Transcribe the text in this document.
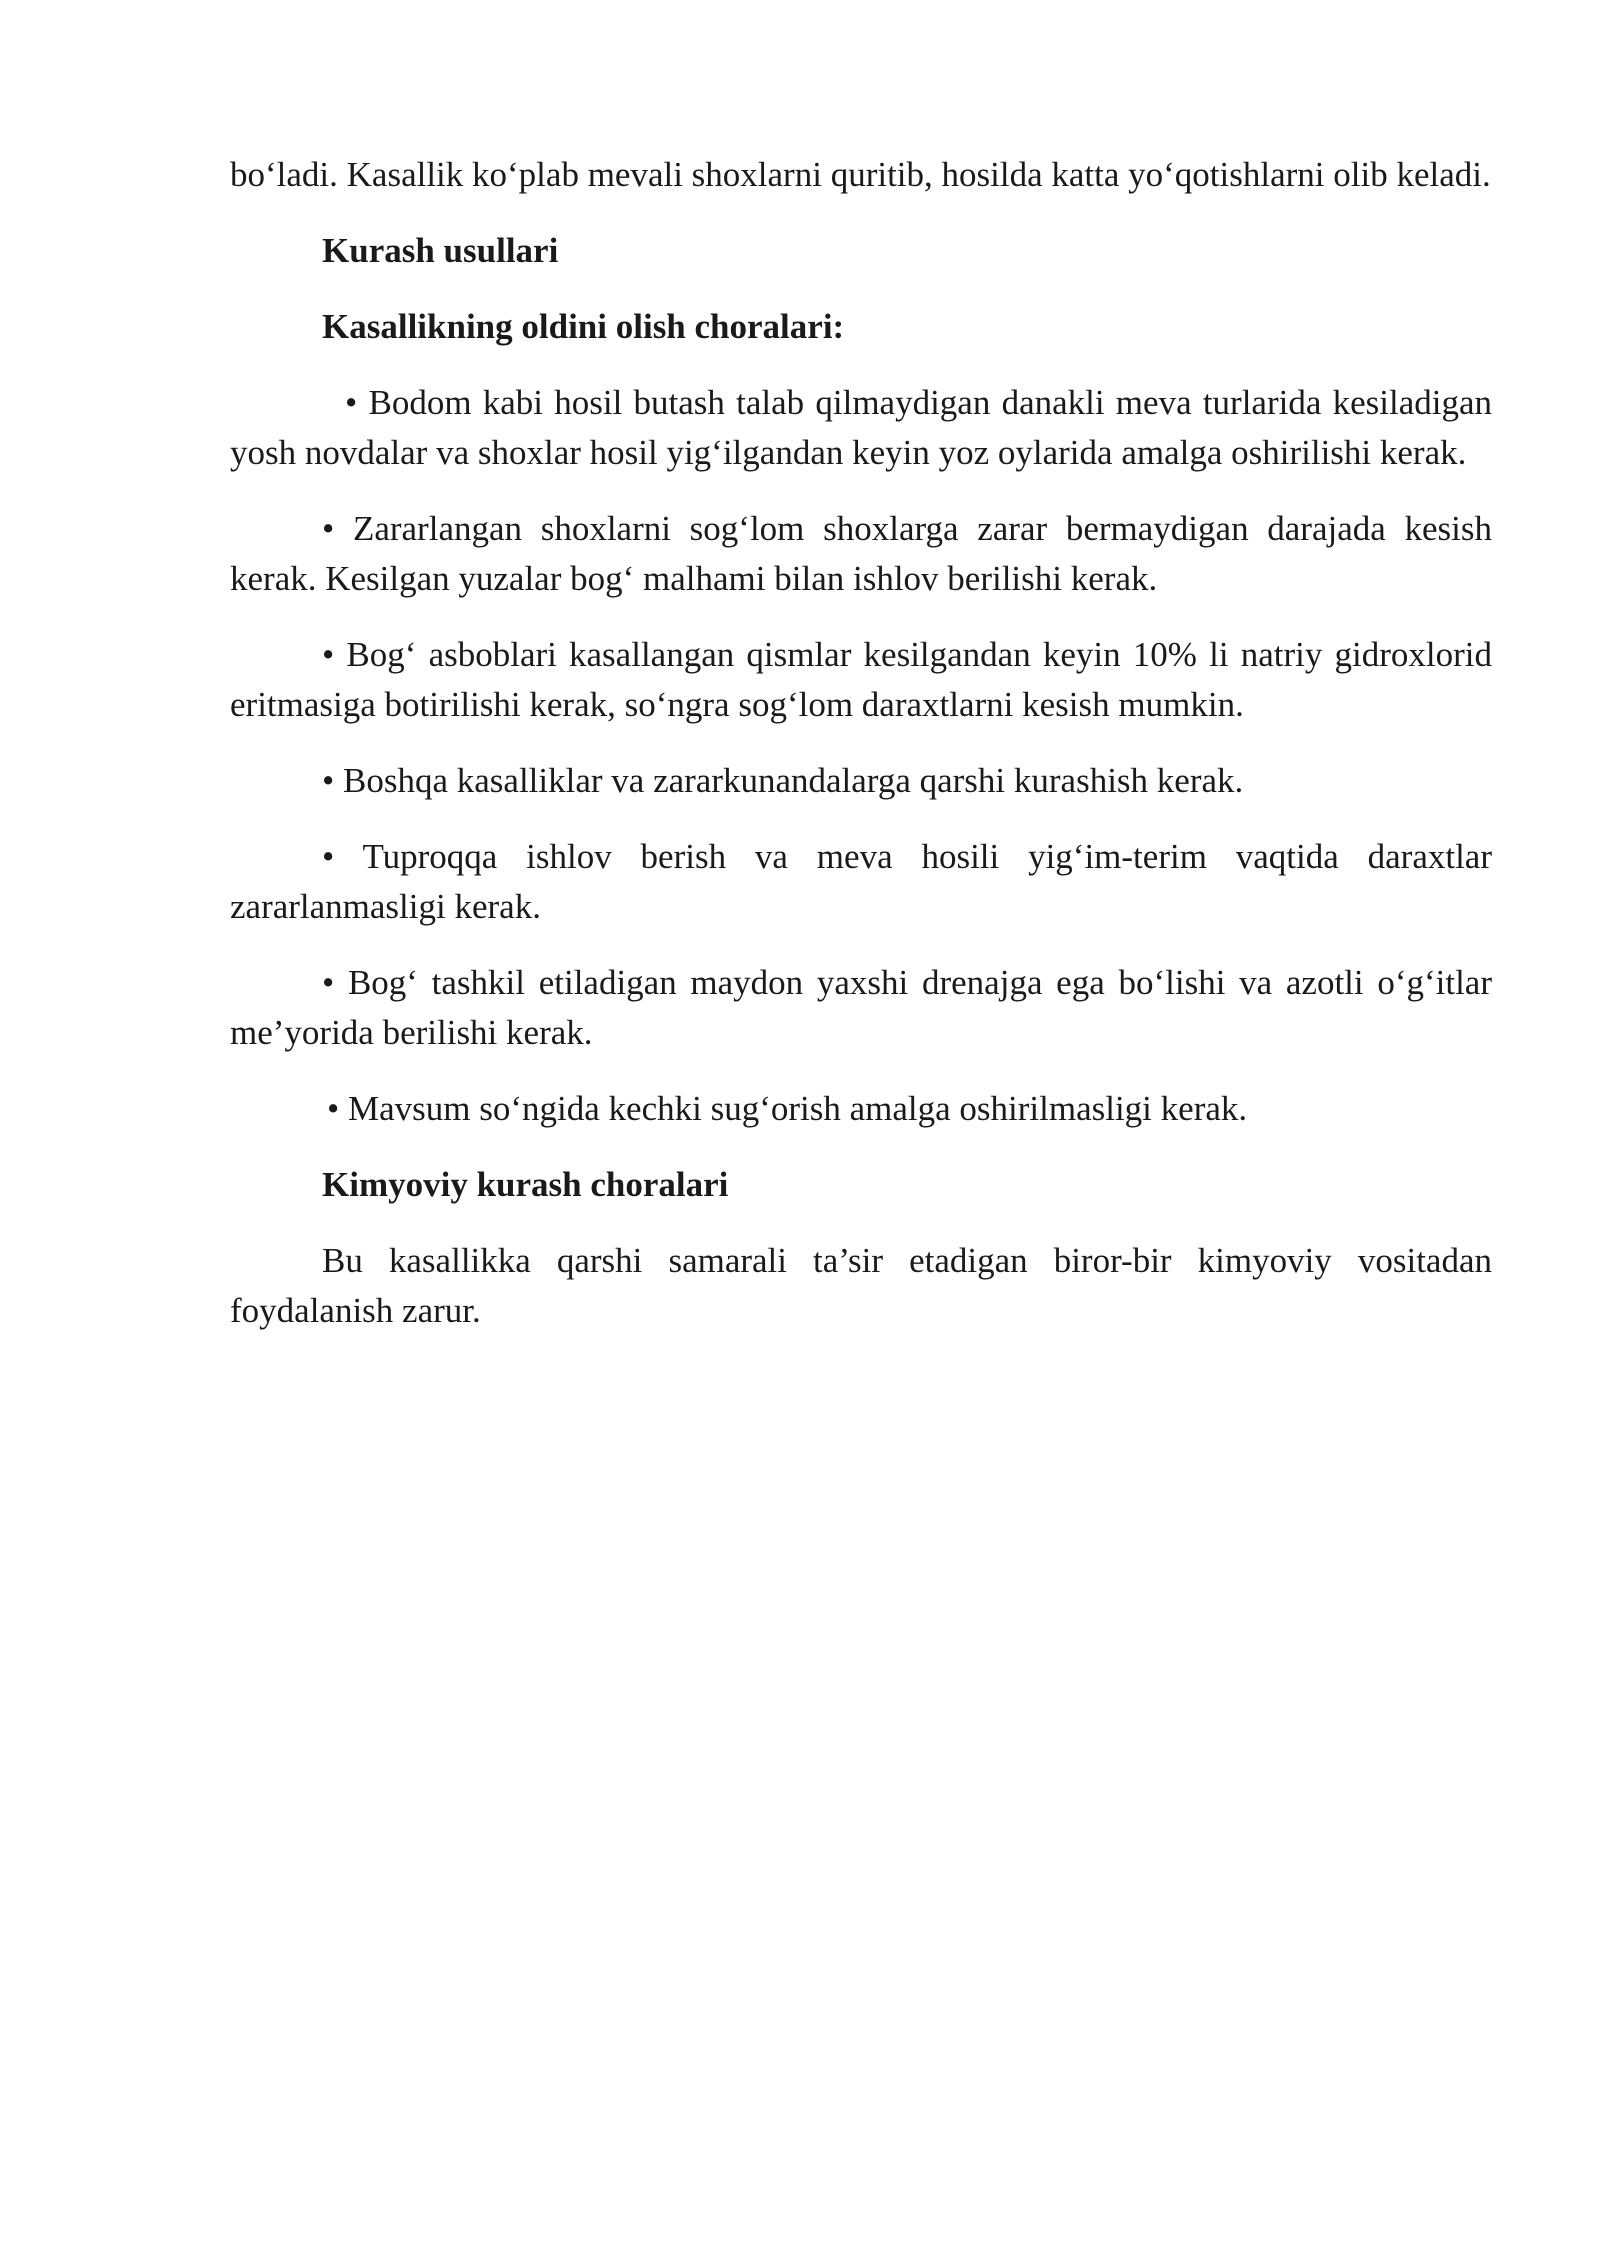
bo‘ladi. Kasallik ko‘plab mevali shoxlarni quritib, hosilda katta yo‘qotishlarni olib keladi.

Kurash usullari

Kasallikning oldini olish choralari:

• Bodom kabi hosil butash talab qilmaydigan danakli meva turlarida kesiladigan yosh novdalar va shoxlar hosil yig‘ilgandan keyin yoz oylarida amalga oshirilishi kerak.

• Zararlangan shoxlarni sog‘lom shoxlarga zarar bermaydigan darajada kesish kerak. Kesilgan yuzalar bog‘ malhami bilan ishlov berilishi kerak.

• Bog‘ asboblari kasallangan qismlar kesilgandan keyin 10% li natriy gidroxlorid eritmasiga botirilishi kerak, so‘ngra sog‘lom daraxtlarni kesish mumkin.

• Boshqa kasalliklar va zararkunandalarga qarshi kurashish kerak.

• Tuproqqa ishlov berish va meva hosili yig‘im-terim vaqtida daraxtlar zararlanmasligi kerak.

• Bog‘ tashkil etiladigan maydon yaxshi drenajga ega bo‘lishi va azotli o‘g‘itlar me’yorida berilishi kerak.

• Mavsum so‘ngida kechki sug‘orish amalga oshirilmasligi kerak.

Kimyoviy kurash choralari

Bu kasallikka qarshi samarali ta’sir etadigan biror-bir kimyoviy vositadan foydalanish zarur.
